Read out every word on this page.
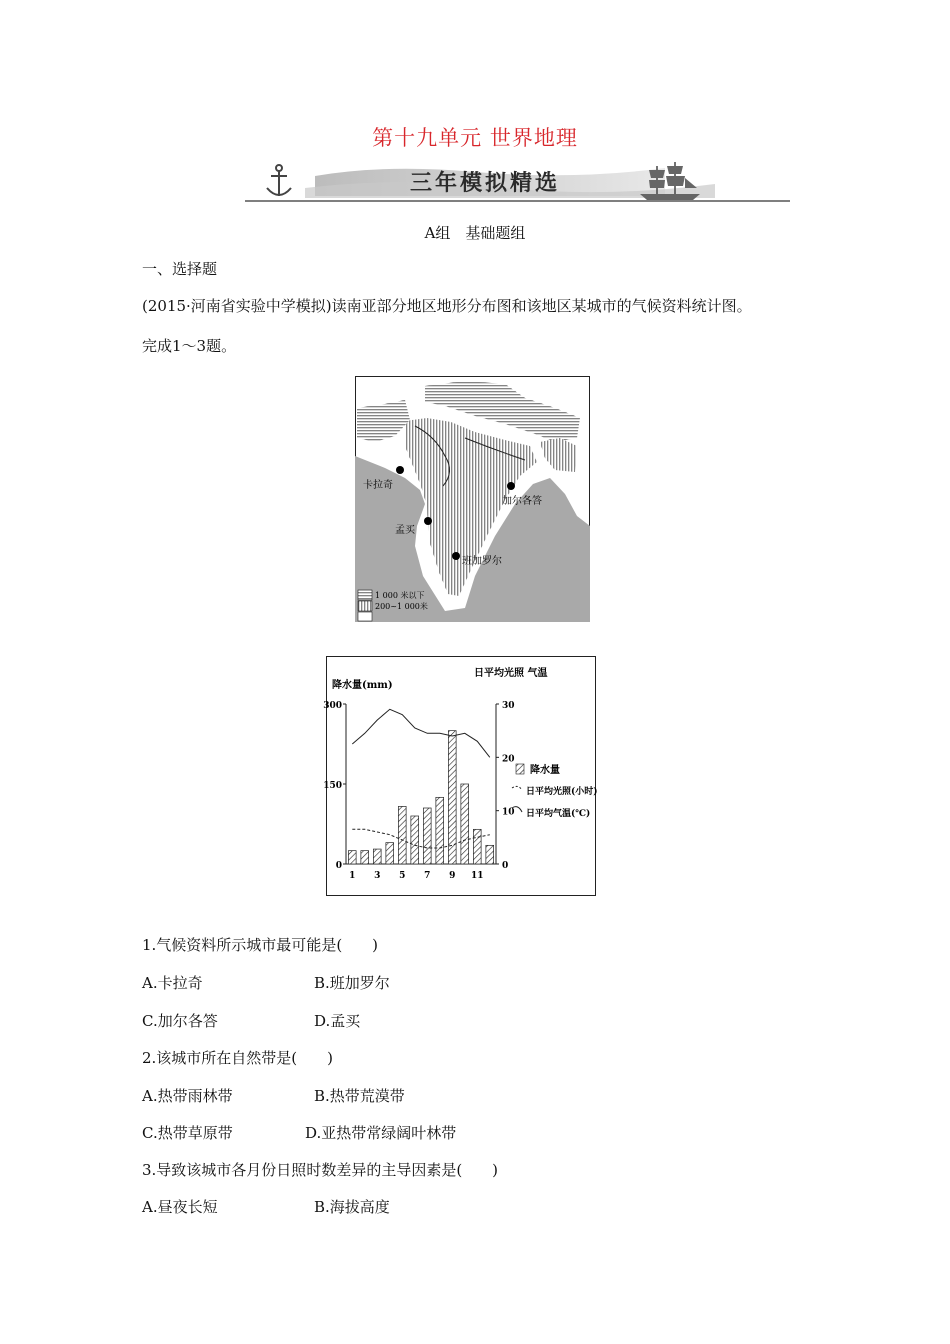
第十九单元 世界地理
三年模拟精选
A组　基础题组
一、选择题
(2015·河南省实验中学模拟)读南亚部分地区地形分布图和该地区某城市的气候资料统计图。
完成1～3题。
卡拉奇
加尔各答
孟买
班加罗尔
1 000 米以下
200~1 000米
降水量(mm)
日平均光照 气温
0
150
300
0
10
20
30
1 3 5 7 9 11
降水量
日平均光照(小时)
日平均气温(℃)
1.气候资料所示城市最可能是(　　)
A.卡拉奇	B.班加罗尔
C.加尔各答	D.孟买
2.该城市所在自然带是(　　)
A.热带雨林带	B.热带荒漠带
C.热带草原带	D.亚热带常绿阔叶林带
3.导致该城市各月份日照时数差异的主导因素是(　　)
A.昼夜长短	B.海拔高度
